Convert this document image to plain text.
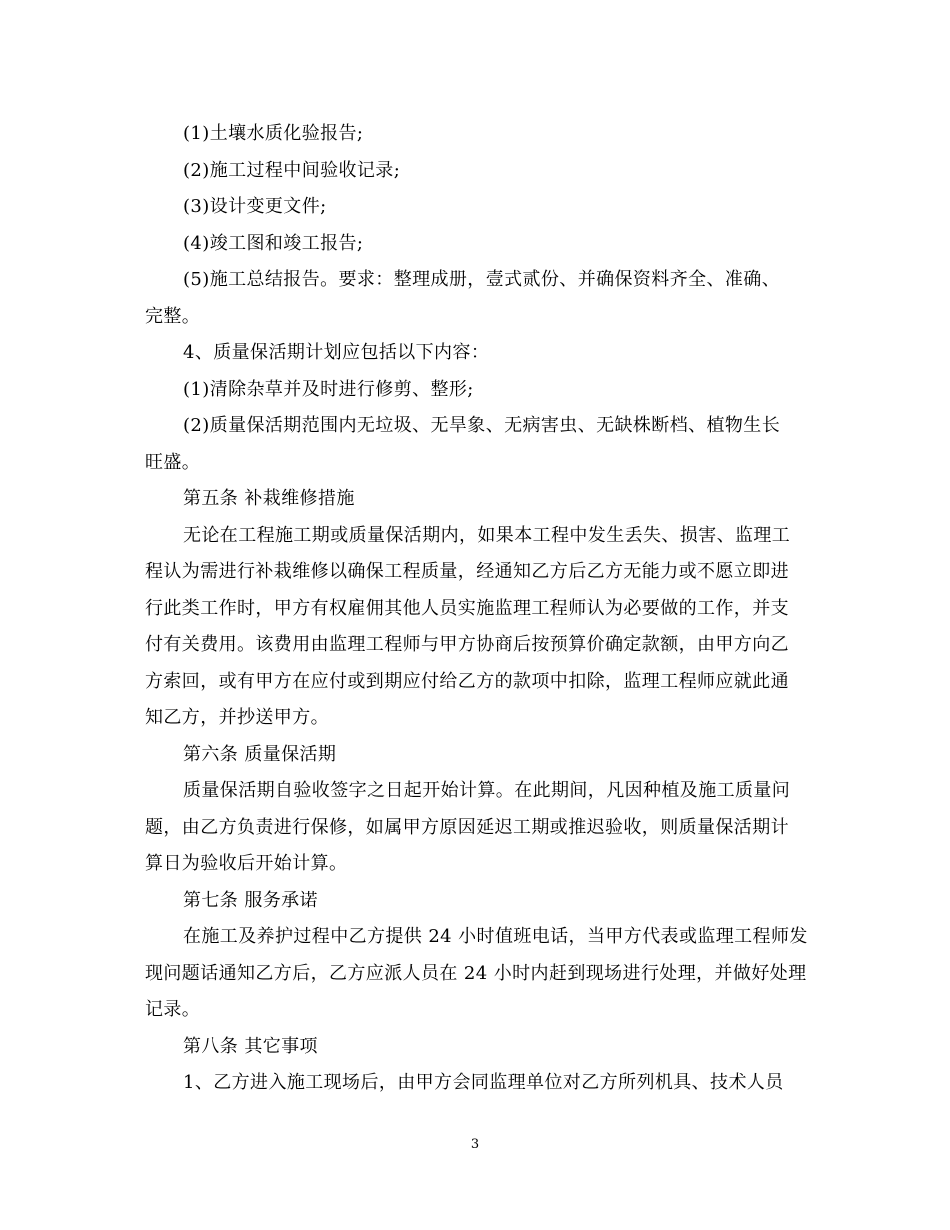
(1)土壤水质化验报告;
(2)施工过程中间验收记录;
(3)设计变更文件;
(4)竣工图和竣工报告;
(5)施工总结报告。要求：整理成册，壹式贰份、并确保资料齐全、准确、
完整。
4、质量保活期计划应包括以下内容：
(1)清除杂草并及时进行修剪、整形;
(2)质量保活期范围内无垃圾、无旱象、无病害虫、无缺株断档、植物生长
旺盛。
第五条 补栽维修措施
无论在工程施工期或质量保活期内，如果本工程中发生丢失、损害、监理工
程认为需进行补栽维修以确保工程质量，经通知乙方后乙方无能力或不愿立即进
行此类工作时，甲方有权雇佣其他人员实施监理工程师认为必要做的工作，并支
付有关费用。该费用由监理工程师与甲方协商后按预算价确定款额，由甲方向乙
方索回，或有甲方在应付或到期应付给乙方的款项中扣除，监理工程师应就此通
知乙方，并抄送甲方。
第六条 质量保活期
质量保活期自验收签字之日起开始计算。在此期间，凡因种植及施工质量问
题，由乙方负责进行保修，如属甲方原因延迟工期或推迟验收，则质量保活期计
算日为验收后开始计算。
第七条 服务承诺
在施工及养护过程中乙方提供 24 小时值班电话，当甲方代表或监理工程师发
现问题话通知乙方后，乙方应派人员在 24 小时内赶到现场进行处理，并做好处理
记录。
第八条 其它事项
1、乙方进入施工现场后，由甲方会同监理单位对乙方所列机具、技术人员
3
